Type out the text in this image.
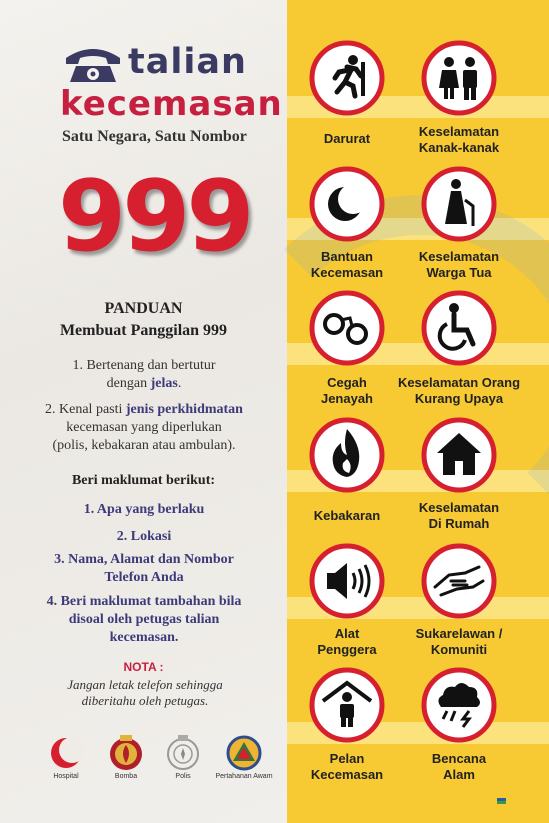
talian
kecemasan
Satu Negara, Satu Nombor
999
PANDUAN
Membuat Panggilan 999
1. Bertenang dan bertutur
dengan jelas.
2. Kenal pasti jenis perkhidmatan
kecemasan yang diperlukan
(polis, kebakaran atau ambulan).
Beri maklumat berikut:
1. Apa yang berlaku
2. Lokasi
3. Nama, Alamat dan Nombor
Telefon Anda
4. Beri maklumat tambahan bila
disoal oleh petugas talian
kecemasan.
NOTA :
Jangan letak telefon sehingga
diberitahu oleh petugas.
Hospital	Bomba	Polis	Pertahanan Awam
Darurat	Keselamatan
Kanak-kanak
Bantuan
Kecemasan
Keselamatan
Warga Tua
Cegah
Jenayah
Keselamatan Orang
Kurang Upaya
Kebakaran
Keselamatan
Di Rumah
Alat
Penggera
Sukarelawan /
Komuniti
Pelan
Kecemasan
Bencana
Alam
